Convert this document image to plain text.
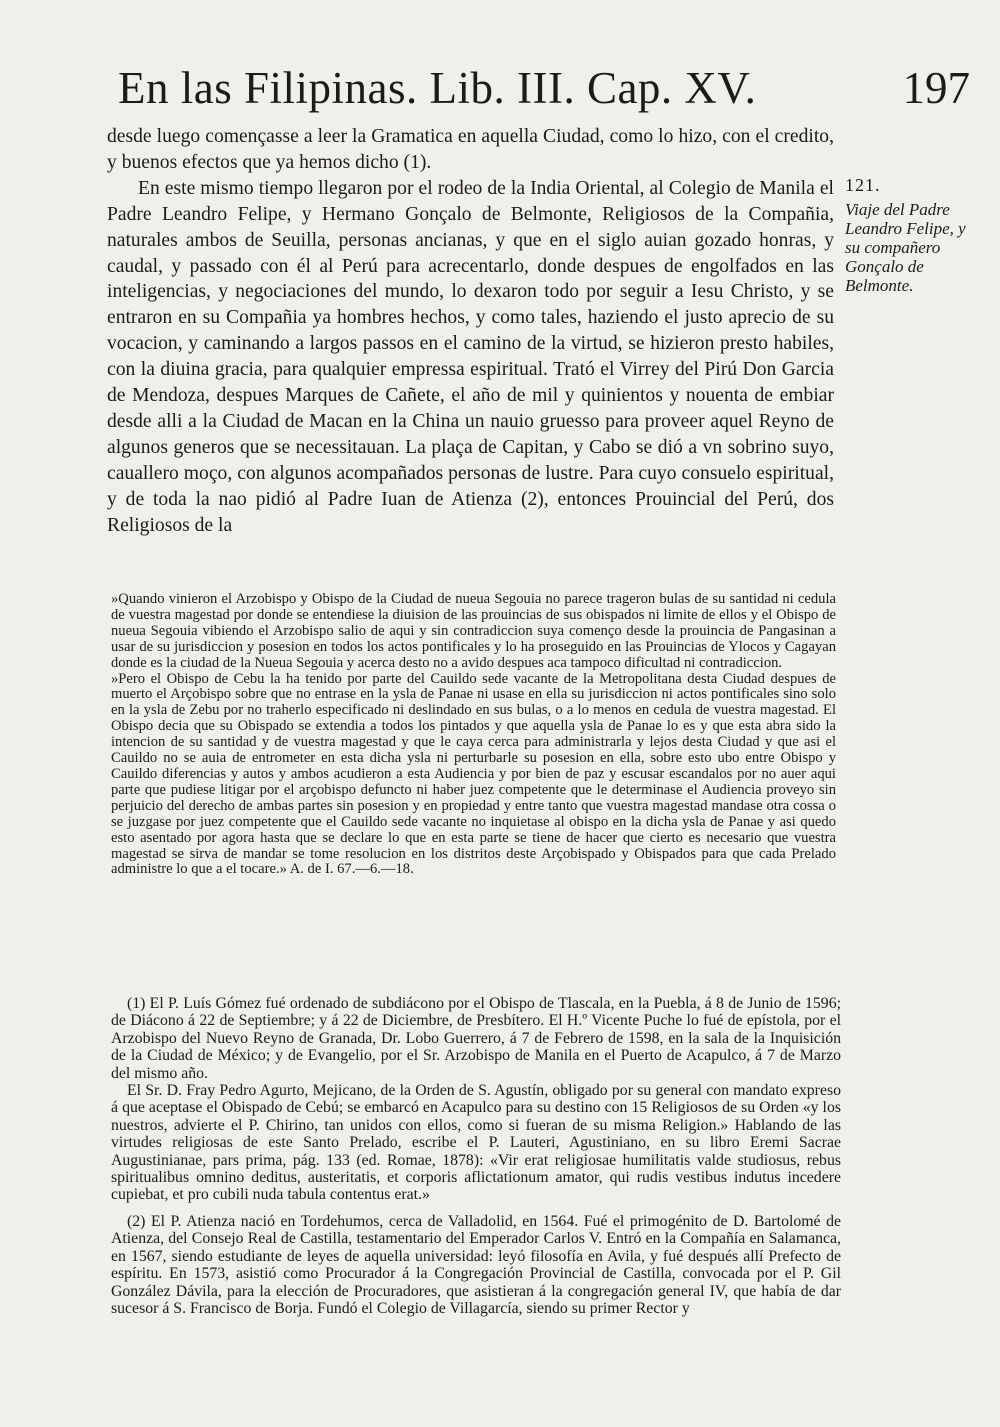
En las Filipinas. Lib. III. Cap. XV.	197

desde luego començasse a leer la Gramatica en aquella Ciudad, como lo hizo, con el credito, y buenos efectos que ya hemos dicho (1).

En este mismo tiempo llegaron por el rodeo de la India Oriental, al Colegio de Manila el Padre Leandro Felipe, y Hermano Gonçalo de Belmonte, Religiosos de la Compañia, naturales ambos de Seuilla, personas ancianas, y que en el siglo auian gozado honras, y caudal, y passado con él al Perú para acrecentarlo, donde despues de engolfados en las inteligencias, y negociaciones del mundo, lo dexaron todo por seguir a Iesu Christo, y se entraron en su Compañia ya hombres hechos, y como tales, haziendo el justo aprecio de su vocacion, y caminando a largos passos en el camino de la virtud, se hizieron presto habiles, con la diuina gracia, para qualquier empressa espiritual. Trató el Virrey del Pirú Don Garcia de Mendoza, despues Marques de Cañete, el año de mil y quinientos y nouenta de embiar desde alli a la Ciudad de Macan en la China un nauio gruesso para proveer aquel Reyno de algunos generos que se necessitauan. La plaça de Capitan, y Cabo se dió a vn sobrino suyo, cauallero moço, con algunos acompañados personas de lustre. Para cuyo consuelo espiritual, y de toda la nao pidió al Padre Iuan de Atienza (2), entonces Prouincial del Perú, dos Religiosos de la

121.
Viaje del Padre Leandro Felipe, y su compañero Gonçalo de Belmonte.

»Quando vinieron el Arzobispo y Obispo de la Ciudad de nueua Segouia no parece trageron bulas de su santidad ni cedula de vuestra magestad por donde se entendiese la diuision de las prouincias de sus obispados ni limite de ellos y el Obispo de nueua Segouia vibiendo el Arzobispo salio de aqui y sin contradiccion suya començo desde la prouincia de Pangasinan a usar de su jurisdiccion y posesion en todos los actos pontificales y lo ha proseguido en las Prouincias de Ylocos y Cagayan donde es la ciudad de la Nueua Segouia y acerca desto no a avido despues aca tampoco dificultad ni contradiccion.

»Pero el Obispo de Cebu la ha tenido por parte del Cauildo sede vacante de la Metropolitana desta Ciudad despues de muerto el Arçobispo sobre que no entrase en la ysla de Panae ni usase en ella su jurisdiccion ni actos pontificales sino solo en la ysla de Zebu por no traherlo especificado ni deslindado en sus bulas, o a lo menos en cedula de vuestra magestad. El Obispo decia que su Obispado se extendia a todos los pintados y que aquella ysla de Panae lo es y que esta abra sido la intencion de su santidad y de vuestra magestad y que le caya cerca para administrarla y lejos desta Ciudad y que asi el Cauildo no se auia de entrometer en esta dicha ysla ni perturbarle su posesion en ella, sobre esto ubo entre Obispo y Cauildo diferencias y autos y ambos acudieron a esta Audiencia y por bien de paz y escusar escandalos por no auer aqui parte que pudiese litigar por el arçobispo defuncto ni haber juez competente que le determinase el Audiencia proveyo sin perjuicio del derecho de ambas partes sin posesion y en propiedad y entre tanto que vuestra magestad mandase otra cossa o se juzgase por juez competente que el Cauildo sede vacante no inquietase al obispo en la dicha ysla de Panae y asi quedo esto asentado por agora hasta que se declare lo que en esta parte se tiene de hacer que cierto es necesario que vuestra magestad se sirva de mandar se tome resolucion en los distritos deste Arçobispado y Obispados para que cada Prelado administre lo que a el tocare.» A. de I. 67.—6.—18.

(1) El P. Luís Gómez fué ordenado de subdiácono por el Obispo de Tlascala, en la Puebla, á 8 de Junio de 1596; de Diácono á 22 de Septiembre; y á 22 de Diciembre, de Presbítero. El H.º Vicente Puche lo fué de epístola, por el Arzobispo del Nuevo Reyno de Granada, Dr. Lobo Guerrero, á 7 de Febrero de 1598, en la sala de la Inquisición de la Ciudad de México; y de Evangelio, por el Sr. Arzobispo de Manila en el Puerto de Acapulco, á 7 de Marzo del mismo año.

El Sr. D. Fray Pedro Agurto, Mejicano, de la Orden de S. Agustín, obligado por su general con mandato expreso á que aceptase el Obispado de Cebú; se embarcó en Acapulco para su destino con 15 Religiosos de su Orden «y los nuestros, advierte el P. Chirino, tan unidos con ellos, como si fueran de su misma Religion.» Hablando de las virtudes religiosas de este Santo Prelado, escribe el P. Lauteri, Agustiniano, en su libro Eremi Sacrae Augustinianae, pars prima, pág. 133 (ed. Romae, 1878): «Vir erat religiosae humilitatis valde studiosus, rebus spiritualibus omnino deditus, austeritatis, et corporis aflictationum amator, qui rudis vestibus indutus incedere cupiebat, et pro cubili nuda tabula contentus erat.»

(2) El P. Atienza nació en Tordehumos, cerca de Valladolid, en 1564. Fué el primogénito de D. Bartolomé de Atienza, del Consejo Real de Castilla, testamentario del Emperador Carlos V. Entró en la Compañía en Salamanca, en 1567, siendo estudiante de leyes de aquella universidad: leyó filosofía en Avila, y fué después allí Prefecto de espíritu. En 1573, asistió como Procurador á la Congregación Provincial de Castilla, convocada por el P. Gil González Dávila, para la elección de Procuradores, que asistieran á la congregación general IV, que había de dar sucesor á S. Francisco de Borja. Fundó el Colegio de Villagarcía, siendo su primer Rector y
